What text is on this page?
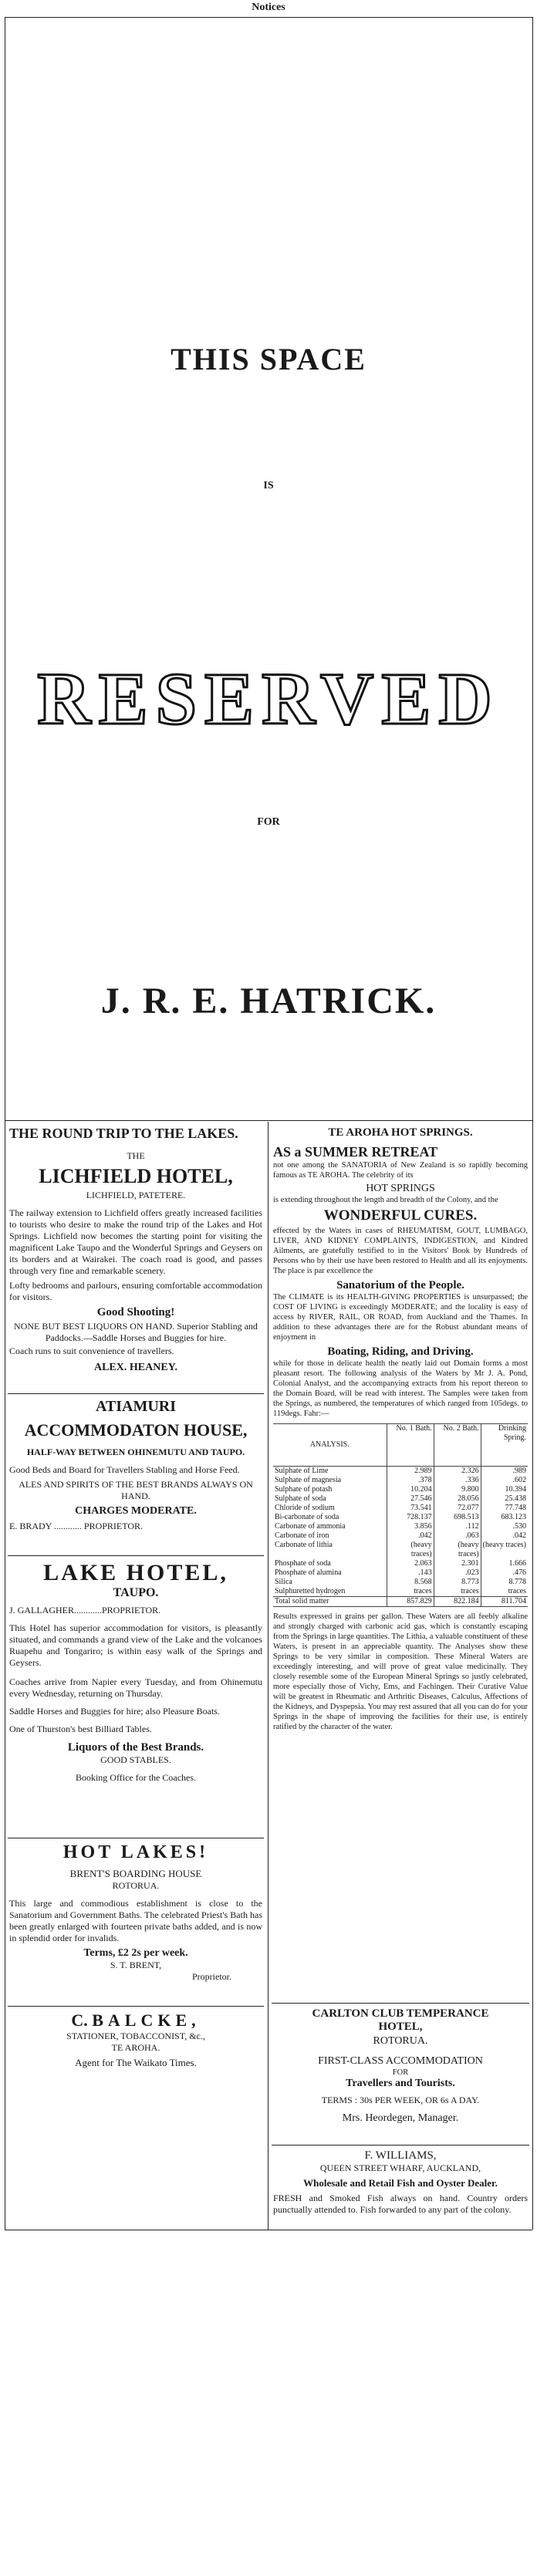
Notices
THIS SPACE
IS
RESERVED
FOR
J. R. E. HATRICK.
THE ROUND TRIP TO THE LAKES.
THE
LICHFIELD HOTEL,
LICHFIELD, PATETERE.
The railway extension to Lichfield offers greatly increased facilities to tourists who desire to make the round trip of the Lakes and Hot Springs. Lichfield now becomes the starting point for visiting the magnificent Lake Taupo and the Wonderful Springs and Geysers on its borders and at Wairakei. The coach road is good, and passes through very fine and remarkable scenery.
Lofty bedrooms and parlours, ensuring comfortable accommodation for visitors.
Good Shooting!
NONE BUT BEST LIQUORS ON HAND. Superior Stabling and Paddocks.—Saddle Horses and Buggies for hire.
Coach runs to suit convenience of travellers.
ALEX. HEANEY.
ATIAMURI
ACCOMMODATON HOUSE,
HALF-WAY BETWEEN OHINEMUTU AND TAUPO.
Good Beds and Board for Travellers Stabling and Horse Feed.
ALES AND SPIRITS OF THE BEST BRANDS ALWAYS ON HAND.
CHARGES MODERATE.
E. BRADY ............ PROPRIETOR.
LAKE HOTEL,
TAUPO.
J. GALLAGHER............PROPRIETOR.
This Hotel has superior accommodation for visitors, is pleasantly situated, and commands a grand view of the Lake and the volcanoes Ruapehu and Tongariro; is within easy walk of the Springs and Geysers.
Coaches arrive from Napier every Tuesday, and from Ohinemutu every Wednesday, returning on Thursday.
Saddle Horses and Buggies for hire; also Pleasure Boats.
One of Thurston's best Billiard Tables.
Liquors of the Best Brands.
GOOD STABLES.
Booking Office for the Coaches.
HOT LAKES!
BRENT'S BOARDING HOUSE
ROTORUA.
This large and commodious establishment is close to the Sanatorium and Government Baths. The celebrated Priest's Bath has been greatly enlarged with fourteen private baths added, and is now in splendid order for invalids.
Terms, £2 2s per week.
S. T. BRENT,
Proprietor.
C. BALCKE,
STATIONER, TOBACCONIST, &c.,
TE AROHA.
Agent for The Waikato Times.
TE AROHA HOT SPRINGS.
AS a SUMMER RETREAT
not one among the SANATORIA of New Zealand is so rapidly becoming famous as TE AROHA. The celebrity of its
HOT SPRINGS
is extending throughout the length and breadth of the Colony, and the
WONDERFUL CURES.
effected by the Waters in cases of RHEUMATISM, GOUT, LUMBAGO, LIVER, AND KIDNEY COMPLAINTS, INDIGESTION, and Kindred Ailments, are gratefully testified to in the Visitors' Book by Hundreds of Persons who by their use have been restored to Health and all its enjoyments. The place is par excellence the
Sanatorium of the People.
The CLIMATE is its HEALTH-GIVING PROPERTIES is unsurpassed; the COST OF LIVING is exceedingly MODERATE; and the locality is easy of access by RIVER, RAIL, OR ROAD, from Auckland and the Thames. In addition to these advantages there are for the Robust abundant means of enjoyment in
Boating, Riding, and Driving.
while for those in delicate health the neatly laid out Domain forms a most pleasant resort. The following analysis of the Waters by Mr J. A. Pond, Colonial Analyst, and the accompanying extracts from his report thereon to the Domain Board, will be read with interest. The Samples were taken from the Springs, as numbered, the temperatures of which ranged from 105degs. to 119degs. Fahr:—
ANALYSIS.	No. 1 Bath.	No. 2 Bath.	Drinking Spring.
Sulphate of Lime	2.989	2.326	.989
Sulphate of magnesia	.378	.336	.602
Sulphate of potash	10.204	9.800	10.394
Sulphate of soda	27.546	28.056	25.438
Chloride of sodium	73.541	72.077	77.748
Bi-carbonate of soda	728.137	698.513	683.123
Carbonate of ammonia	3.856	.112	.530
Carbonate of iron	.042	.063	.042
Carbonate of lithia	(heavy traces)	(heavy traces)	(heavy traces)
Phosphate of soda	2.063	2.301	1.666
Phosphate of alumina	.143	.023	.476
Silica	8.568	8.773	8.778
Sulphuretted hydrogen	traces	traces	traces
Total solid matter	857.829	822.184	811.704
Results expressed in grains per gallon. These Waters are all feebly alkaline and strongly charged with carbonic acid gas, which is constantly escaping from the Springs in large quantities. The Lithia, a valuable constituent of these Waters, is present in an appreciable quantity. The Analyses show these Springs to be very similar in composition. These Mineral Waters are exceedingly interesting, and will prove of great value medicinally. They closely resemble some of the European Mineral Springs so justly celebrated, more especially those of Vichy, Ems, and Fachingen. Their Curative Value will be greatest in Rheumatic and Arthritic Diseases, Calculus, Affections of the Kidneys, and Dyspepsia. You may rest assured that all you can do for your Springs in the shape of improving the facilities for their use, is entirely ratified by the character of the water.
CARLTON CLUB TEMPERANCE
HOTEL,
ROTORUA.
FIRST-CLASS ACCOMMODATION
FOR
Travellers and Tourists.
TERMS : 30s PER WEEK, OR 6s A DAY.
Mrs. Heordegen, Manager.
F. WILLIAMS,
QUEEN STREET WHARF, AUCKLAND,
Wholesale and Retail Fish and Oyster Dealer.
FRESH and Smoked Fish always on hand. Country orders punctually attended to. Fish forwarded to any part of the colony.
